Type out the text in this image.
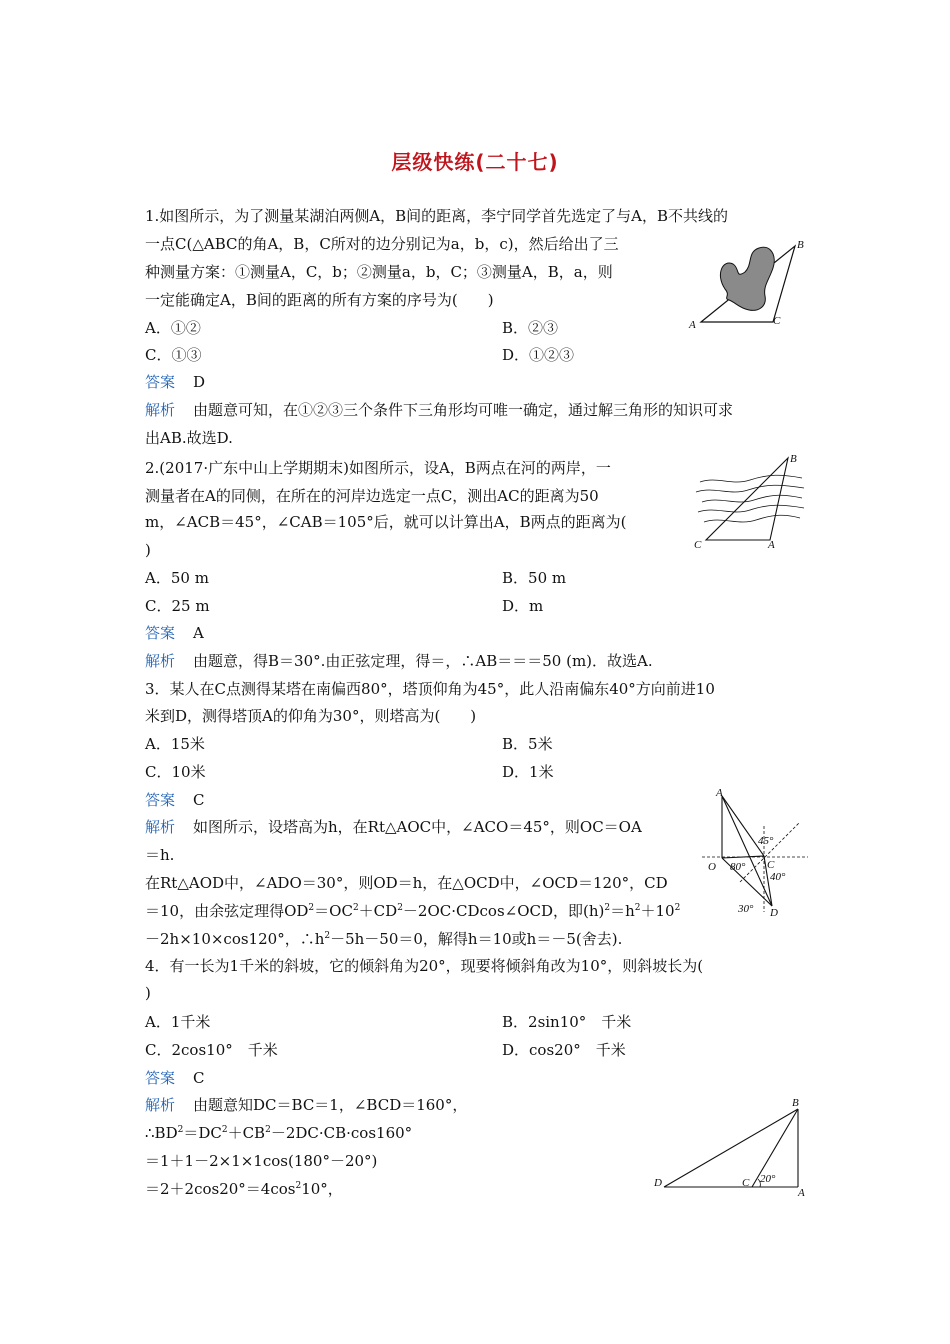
层级快练(二十七)
1.如图所示，为了测量某湖泊两侧A，B间的距离，李宁同学首先选定了与A，B不共线的
一点C(△ABC的角A，B，C所对的边分别记为a，b，c)，然后给出了三
种测量方案：①测量A，C，b；②测量a，b，C；③测量A，B，a，则
一定能确定A，B间的距离的所有方案的序号为(　　)
A．①②	B．②③
C．①③	D．①②③
答案 D
解析 由题意可知，在①②③三个条件下三角形均可唯一确定，通过解三角形的知识可求
出AB.故选D.
A
B
C
2.(2017·广东中山上学期期末)如图所示，设A，B两点在河的两岸，一
测量者在A的同侧，在所在的河岸边选定一点C，测出AC的距离为50
m，∠ACB＝45°，∠CAB＝105°后，就可以计算出A，B两点的距离为(
)
A．50 m	B．50 m
C．25 m	D．m
答案 A
解析 由题意，得B＝30°.由正弦定理，得＝，∴AB＝＝＝50 (m)．故选A.
B
C	A
3．某人在C点测得某塔在南偏西80°，塔顶仰角为45°，此人沿南偏东40°方向前进10
米到D，测得塔顶A的仰角为30°，则塔高为(　　)
A．15米	B．5米
C．10米	D．1米
答案 C
解析 如图所示，设塔高为h，在Rt△AOC中，∠ACO＝45°，则OC＝OA
＝h.
在Rt△AOD中，∠ADO＝30°，则OD＝h，在△OCD中，∠OCD＝120°，CD
＝10，由余弦定理得$OD^2=OC^2+CD^2-2OC\cdot CDcos\angle OCD$，即$(h)^2=h^2+10^2$
－2h×10×cos120°，$\therefore h^2-5h-50=0$，解得h＝10或h＝－5(舍去).
A
O	C
D
45°
80°
40°
30°
4．有一长为1千米的斜坡，它的倾斜角为20°，现要将倾斜角改为10°，则斜坡长为(
)
A．1千米	B．2sin10°　千米
C．2cos10°　千米	D．cos20°　千米
答案 C
解析 由题意知DC＝BC＝1，∠BCD＝160°，
$\therefore BD^2=DC^2+CB^2-2DC\cdot CB\cdot\cos 160^\circ$
＝1＋1－2×1×1cos(180°－20°)
$=2+2\cos 20^\circ=4\cos^210^\circ$，
B
D	C
A
20°
